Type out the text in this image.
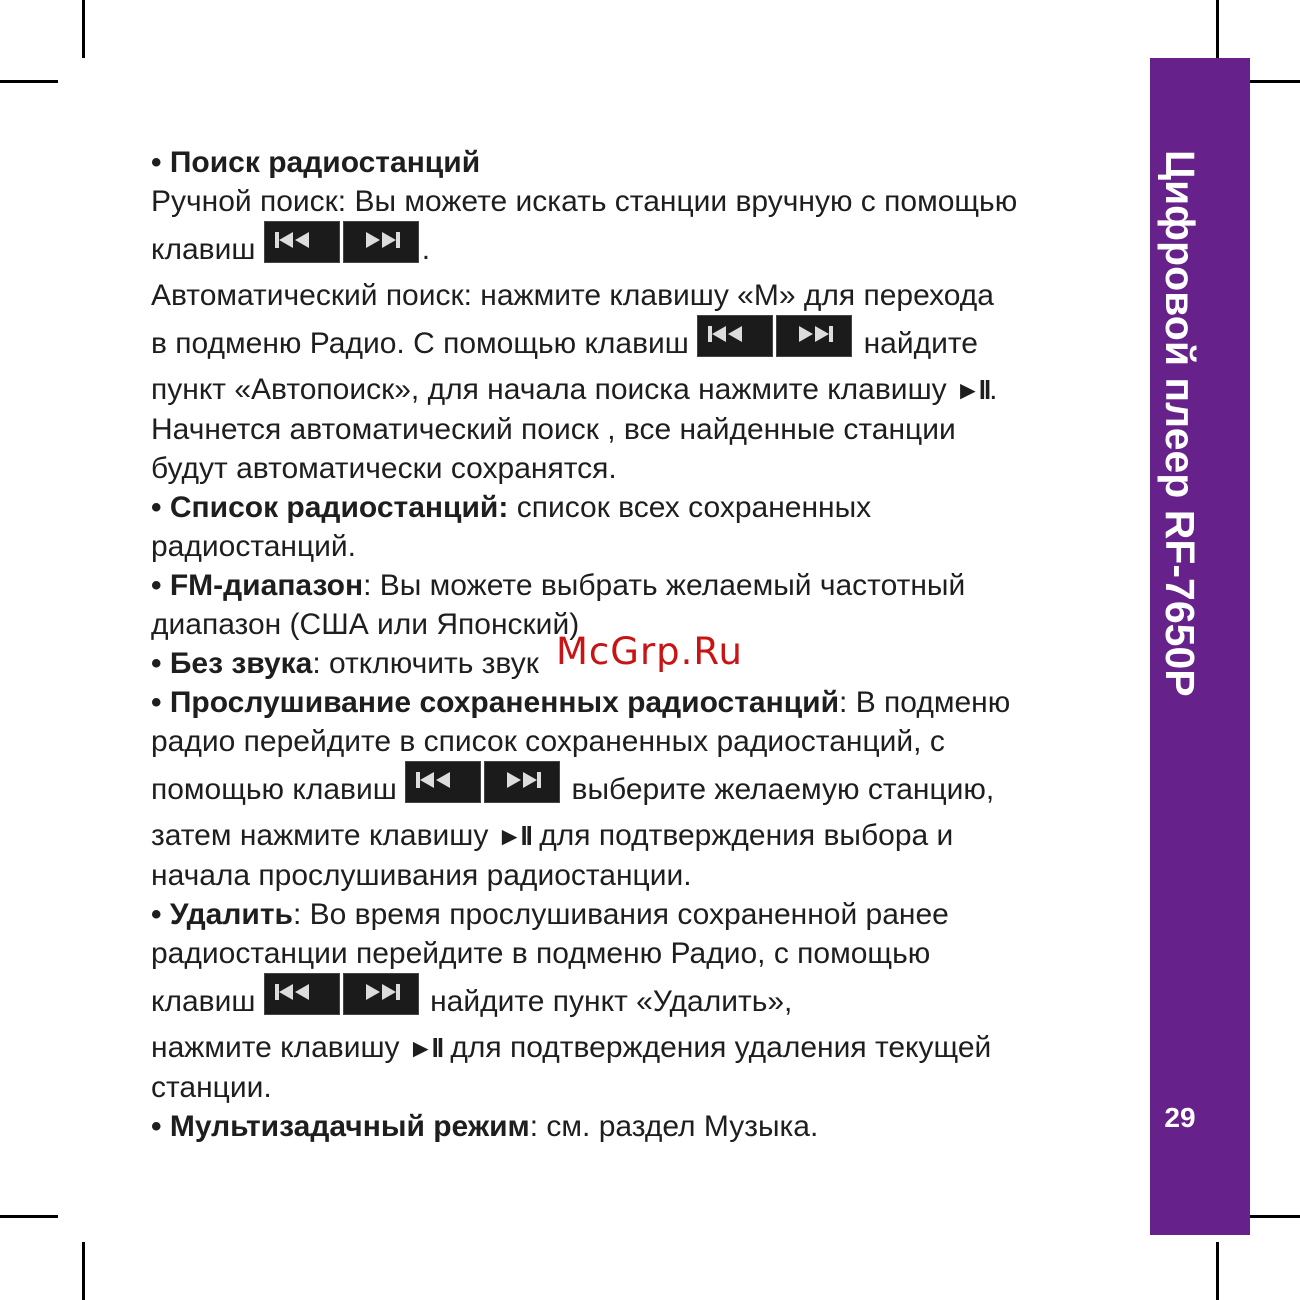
Цифровой плеер RF-7650P
29

• Поиск радиостанций

Ручной поиск: Вы можете искать станции вручную с помощью

клавиш	.

Автоматический поиск: нажмите клавишу «М» для перехода

в подменю Радио. С помощью клавиш	найдите

пункт «Автопоиск», для начала поиска нажмите клавишу ►ll.

Начнется автоматический поиск , все найденные станции

будут автоматически сохранятся.

• Список радиостанций: список всех сохраненных

радиостанций.

• FM-диапазон: Вы можете выбрать желаемый частотный

диапазон (США или Японский)

• Без звука: отключить звук

• Прослушивание сохраненных радиостанций: В подменю

радио перейдите в список сохраненных радиостанций, с

помощью клавиш	выберите желаемую станцию,

затем нажмите клавишу ►ll для подтверждения выбора и

начала прослушивания радиостанции.

• Удалить: Во время прослушивания сохраненной ранее

радиостанции перейдите в подменю Радио, с помощью

клавиш	найдите пункт «Удалить»,

нажмите клавишу ►ll для подтверждения удаления текущей

станции.

• Мультизадачный режим: см. раздел Музыка.

McGrp.Ru
